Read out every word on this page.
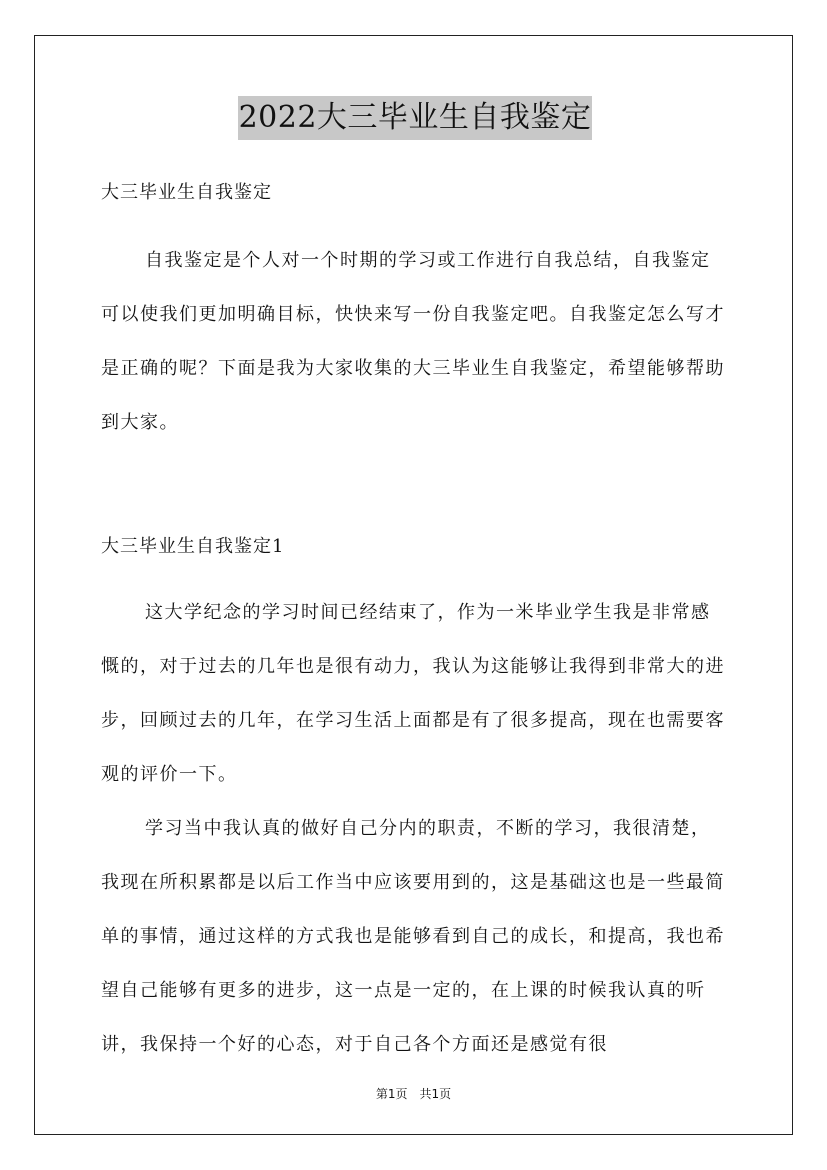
2022大三毕业生自我鉴定

大三毕业生自我鉴定

自我鉴定是个人对一个时期的学习或工作进行自我总结，自我鉴定可以使我们更加明确目标，快快来写一份自我鉴定吧。自我鉴定怎么写才是正确的呢？下面是我为大家收集的大三毕业生自我鉴定，希望能够帮助到大家。

大三毕业生自我鉴定1

这大学纪念的学习时间已经结束了，作为一米毕业学生我是非常感慨的，对于过去的几年也是很有动力，我认为这能够让我得到非常大的进步，回顾过去的几年，在学习生活上面都是有了很多提高，现在也需要客观的评价一下。

学习当中我认真的做好自己分内的职责，不断的学习，我很清楚，我现在所积累都是以后工作当中应该要用到的，这是基础这也是一些最简单的事情，通过这样的方式我也是能够看到自己的成长，和提高，我也希望自己能够有更多的进步，这一点是一定的，在上课的时候我认真的听讲，我保持一个好的心态，对于自己各个方面还是感觉有很

第1页　共1页
